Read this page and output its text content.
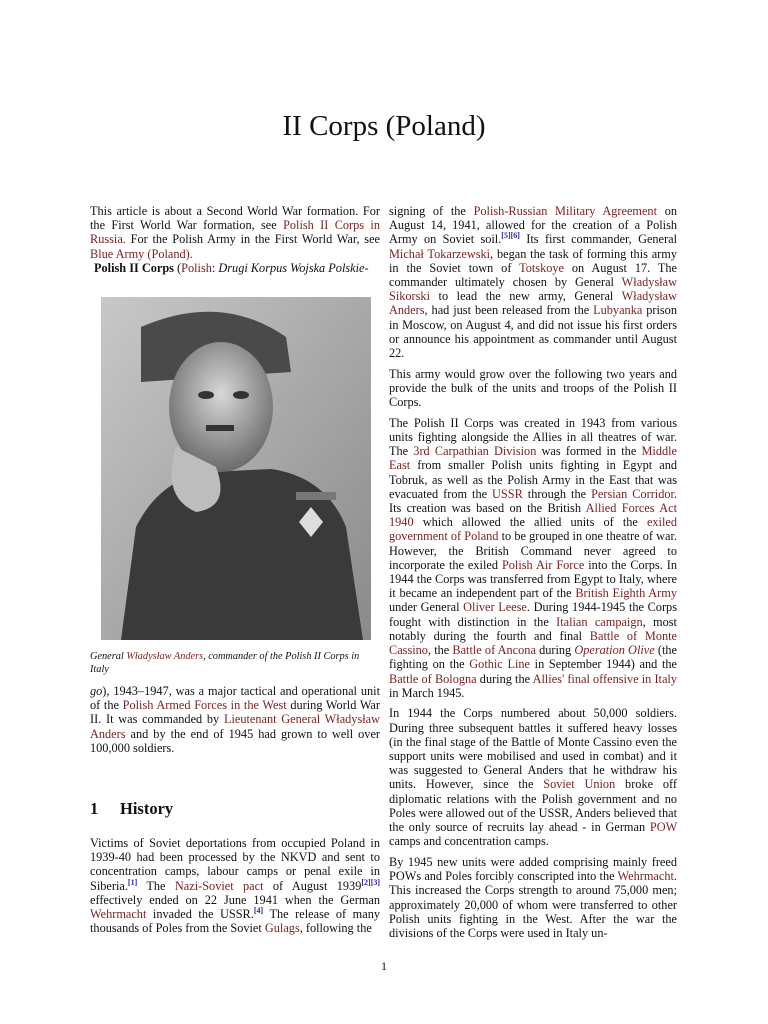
II Corps (Poland)
This article is about a Second World War formation. For the First World War formation, see Polish II Corps in Russia. For the Polish Army in the First World War, see Blue Army (Poland).
Polish II Corps (Polish: Drugi Korpus Wojska Polskie-
General Władysław Anders, commander of the Polish II Corps in Italy
go), 1943–1947, was a major tactical and operational unit of the Polish Armed Forces in the West during World War II. It was commanded by Lieutenant General Władysław Anders and by the end of 1945 had grown to well over 100,000 soldiers.
1 History
Victims of Soviet deportations from occupied Poland in 1939-40 had been processed by the NKVD and sent to concentration camps, labour camps or penal exile in Siberia.[1] The Nazi-Soviet pact of August 1939[2][3] effectively ended on 22 June 1941 when the German Wehrmacht invaded the USSR.[4] The release of many thousands of Poles from the Soviet Gulags, following the

signing of the Polish-Russian Military Agreement on August 14, 1941, allowed for the creation of a Polish Army on Soviet soil.[5][6] Its first commander, General Michał Tokarzewski, began the task of forming this army in the Soviet town of Totskoye on August 17. The commander ultimately chosen by General Władysław Sikorski to lead the new army, General Władysław Anders, had just been released from the Lubyanka prison in Moscow, on August 4, and did not issue his first orders or announce his appointment as commander until August 22.

This army would grow over the following two years and provide the bulk of the units and troops of the Polish II Corps.

The Polish II Corps was created in 1943 from various units fighting alongside the Allies in all theatres of war. The 3rd Carpathian Division was formed in the Middle East from smaller Polish units fighting in Egypt and Tobruk, as well as the Polish Army in the East that was evacuated from the USSR through the Persian Corridor. Its creation was based on the British Allied Forces Act 1940 which allowed the allied units of the exiled government of Poland to be grouped in one theatre of war. However, the British Command never agreed to incorporate the exiled Polish Air Force into the Corps. In 1944 the Corps was transferred from Egypt to Italy, where it became an independent part of the British Eighth Army under General Oliver Leese. During 1944-1945 the Corps fought with distinction in the Italian campaign, most notably during the fourth and final Battle of Monte Cassino, the Battle of Ancona during Operation Olive (the fighting on the Gothic Line in September 1944) and the Battle of Bologna during the Allies' final offensive in Italy in March 1945.

In 1944 the Corps numbered about 50,000 soldiers. During three subsequent battles it suffered heavy losses (in the final stage of the Battle of Monte Cassino even the support units were mobilised and used in combat) and it was suggested to General Anders that he withdraw his units. However, since the Soviet Union broke off diplomatic relations with the Polish government and no Poles were allowed out of the USSR, Anders believed that the only source of recruits lay ahead - in German POW camps and concentration camps.

By 1945 new units were added comprising mainly freed POWs and Poles forcibly conscripted into the Wehrmacht. This increased the Corps strength to around 75,000 men; approximately 20,000 of whom were transferred to other Polish units fighting in the West. After the war the divisions of the Corps were used in Italy un-

1
